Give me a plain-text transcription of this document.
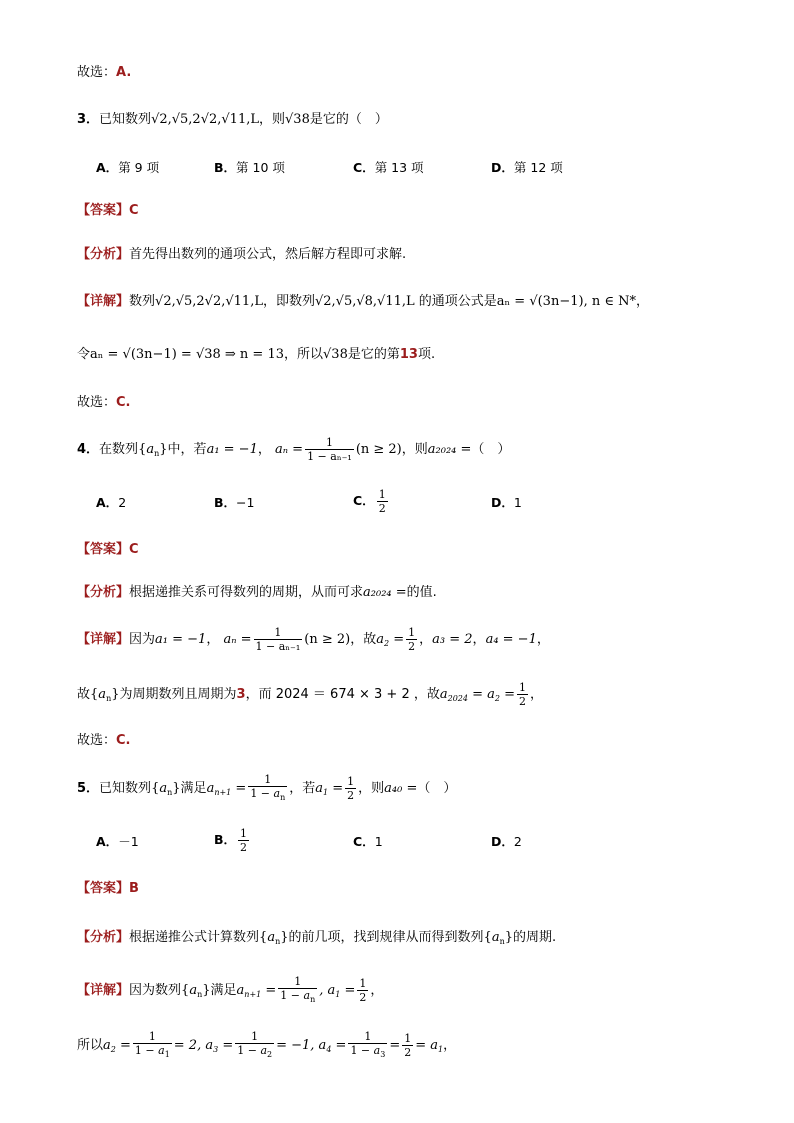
故选：A.
3．已知数列√2,√5,2√2,√11,L，则√38是它的（　）
A．第 9 项	B．第 10 项	C．第 13 项	D．第 12 项
【答案】C
【分析】首先得出数列的通项公式，然后解方程即可求解.
【详解】数列√2,√5,2√2,√11,L，即数列√2,√5,√8,√11,L 的通项公式是aₙ = √(3n−1), n ∈ N*，
令aₙ = √(3n−1) = √38 ⇒ n = 13，所以√38是它的第13项.
故选：C.
4．在数列$\{a_n\}$中，若a₁ = −1， $a_n = \frac{1}{\text{1 − aₙ₋₁}} (n \ge 2)$，则a₂₀₂₄ =（　）
A．2	B．−1	C． $\frac{1}{2}$	D．1
【答案】C
【分析】根据递推关系可得数列的周期，从而可求a₂₀₂₄ =的值.
【详解】因为a₁ = −1， $a_n = \frac{1}{\text{1 − aₙ₋₁}} (n \ge 2)$，故$a_2 = \frac{1}{2}$ ，a₃ = 2，a₄ = −1，
故$\{a_n\}$为周期数列且周期为3，而 2024 ＝ 674 × 3 + 2 ，故$a_{2024} = a_2 = \frac{1}{2}$ ，
故选：C.
5．已知数列$\{a_n\}$满足$a_{n+1} = \frac{1}{1 - a_n}$ ，若$a_1 = \frac{1}{2}$ ，则a₄₀ =（　）
A．－1	B． $\frac{1}{2}$	C．1	D．2
【答案】B
【分析】根据递推公式计算数列$\{a_n\}$的前几项，找到规律从而得到数列$\{a_n\}$的周期.
【详解】因为数列$\{a_n\}$满足$a_{n+1} = \frac{1}{1 - a_n}$ , $a_1 = \frac{1}{2}$ ，
所以$a_2 = \frac{1}{1 - a_1} = 2$, $a_3 = \frac{1}{1 - a_2} = -1$, $a_4 = \frac{1}{1 - a_3} = \frac{1}{2} = a_1$，
